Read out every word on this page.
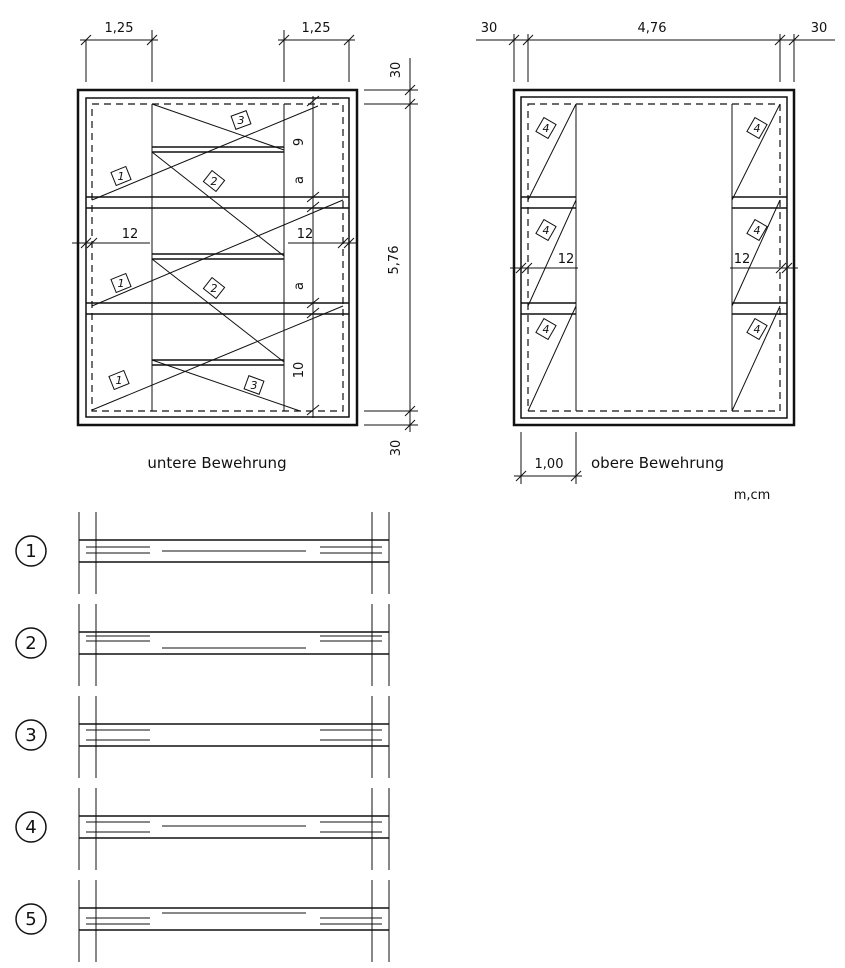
1
1
1
2
2
3
3
1,25	1,25
30
5,76
30
9
a
a
10
12	12
untere Bewehrung
4
4
4
4
4
4
30	4,76	30
12	12
1,00 obere Bewehrung
m,cm
1
2
3
4
5
